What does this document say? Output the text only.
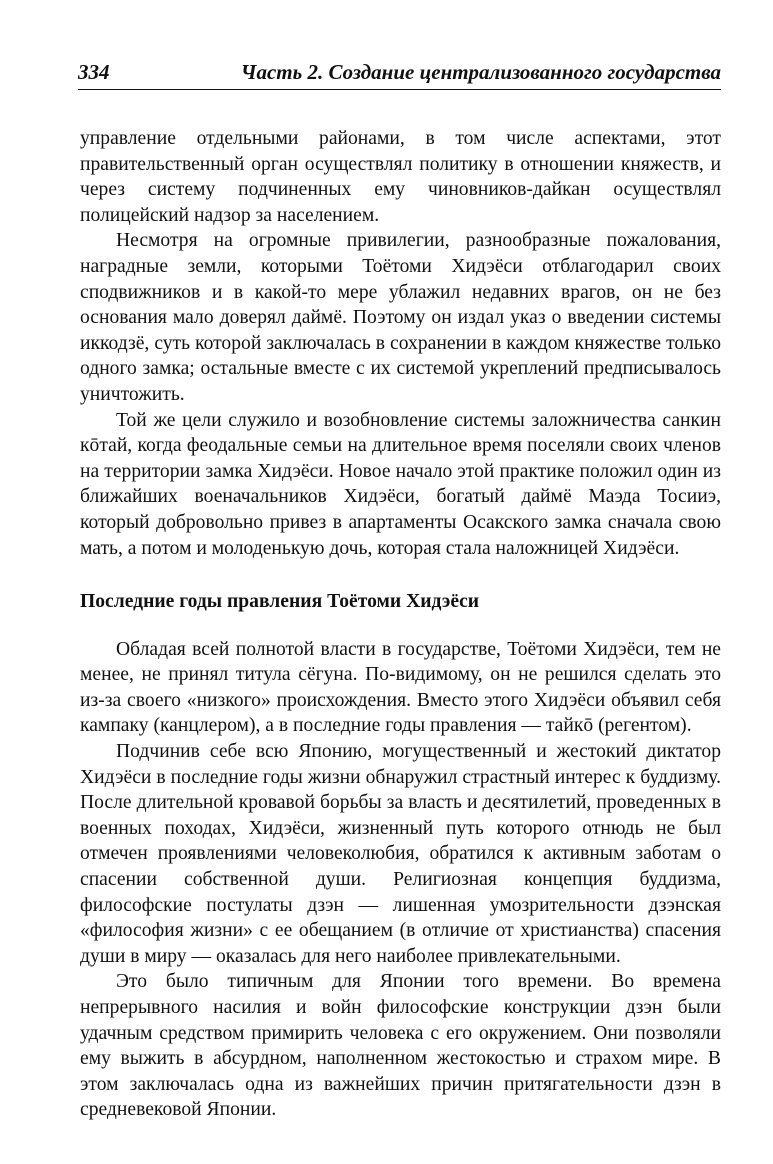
334	Часть 2. Создание централизованного государства

управление отдельными районами, в том числе аспектами, этот правительственный орган осуществлял политику в отношении княжеств, и через систему подчиненных ему чиновников-дайкан осуществлял полицейский надзор за населением.

Несмотря на огромные привилегии, разнообразные пожалования, наградные земли, которыми Тоётоми Хидэёси отблагодарил своих сподвижников и в какой-то мере ублажил недавних врагов, он не без основания мало доверял даймё. Поэтому он издал указ о введении системы иккодзё, суть которой заключалась в сохранении в каждом княжестве только одного замка; остальные вместе с их системой укреплений предписывалось уничтожить.

Той же цели служило и возобновление системы заложничества санкин кōтай, когда феодальные семьи на длительное время поселяли своих членов на территории замка Хидэёси. Новое начало этой практике положил один из ближайших военачальников Хидэёси, богатый даймё Маэда Тосииэ, который добровольно привез в апартаменты Осакского замка сначала свою мать, а потом и молоденькую дочь, которая стала наложницей Хидэёси.

Последние годы правления Тоётоми Хидэёси

Обладая всей полнотой власти в государстве, Тоётоми Хидэёси, тем не менее, не принял титула сёгуна. По-видимому, он не решился сделать это из-за своего «низкого» происхождения. Вместо этого Хидэёси объявил себя кампаку (канцлером), а в последние годы правления — тайкō (регентом).

Подчинив себе всю Японию, могущественный и жестокий диктатор Хидэёси в последние годы жизни обнаружил страстный интерес к буддизму. После длительной кровавой борьбы за власть и десятилетий, проведенных в военных походах, Хидэёси, жизненный путь которого отнюдь не был отмечен проявлениями человеколюбия, обратился к активным заботам о спасении собственной души. Религиозная концепция буддизма, философские постулаты дзэн — лишенная умозрительности дзэнская «философия жизни» с ее обещанием (в отличие от христианства) спасения души в миру — оказалась для него наиболее привлекательными.

Это было типичным для Японии того времени. Во времена непрерывного насилия и войн философские конструкции дзэн были удачным средством примирить человека с его окружением. Они позволяли ему выжить в абсурдном, наполненном жестокостью и страхом мире. В этом заключалась одна из важнейших причин притягательности дзэн в средневековой Японии.
